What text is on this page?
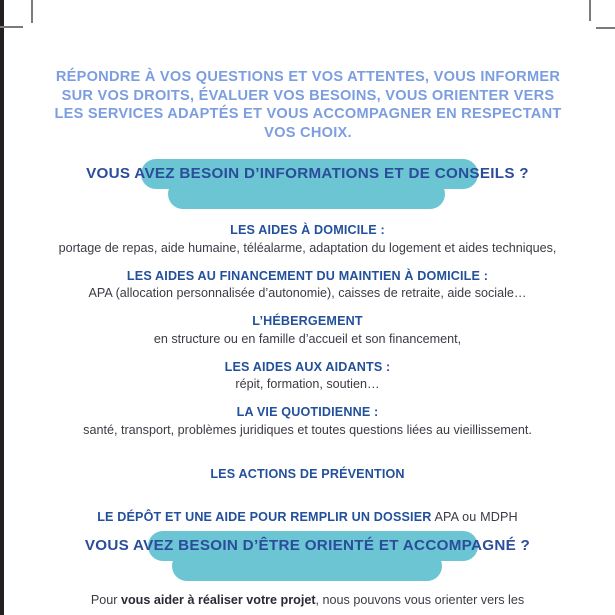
RÉPONDRE À VOS QUESTIONS ET VOS ATTENTES, VOUS INFORMER SUR VOS DROITS, ÉVALUER VOS BESOINS, VOUS ORIENTER VERS LES SERVICES ADAPTÉS ET VOUS ACCOMPAGNER EN RESPECTANT VOS CHOIX.

VOUS AVEZ BESOIN D’INFORMATIONS ET DE CONSEILS ?

LES AIDES À DOMICILE :

portage de repas, aide humaine, téléalarme, adaptation du logement et aides techniques,

LES AIDES AU FINANCEMENT DU MAINTIEN À DOMICILE :

APA (allocation personnalisée d’autonomie), caisses de retraite, aide sociale…

L’HÉBERGEMENT

en structure ou en famille d’accueil et son financement,

LES AIDES AUX AIDANTS :

répit, formation, soutien…

LA VIE QUOTIDIENNE :

santé, transport, problèmes juridiques et toutes questions liées au vieillissement.

LES ACTIONS DE PRÉVENTION

LE DÉPÔT ET UNE AIDE POUR REMPLIR UN DOSSIER APA ou MDPH

VOUS AVEZ BESOIN D’ÊTRE ORIENTÉ ET ACCOMPAGNÉ ?

Pour vous aider à réaliser votre projet, nous pouvons vous orienter vers les
